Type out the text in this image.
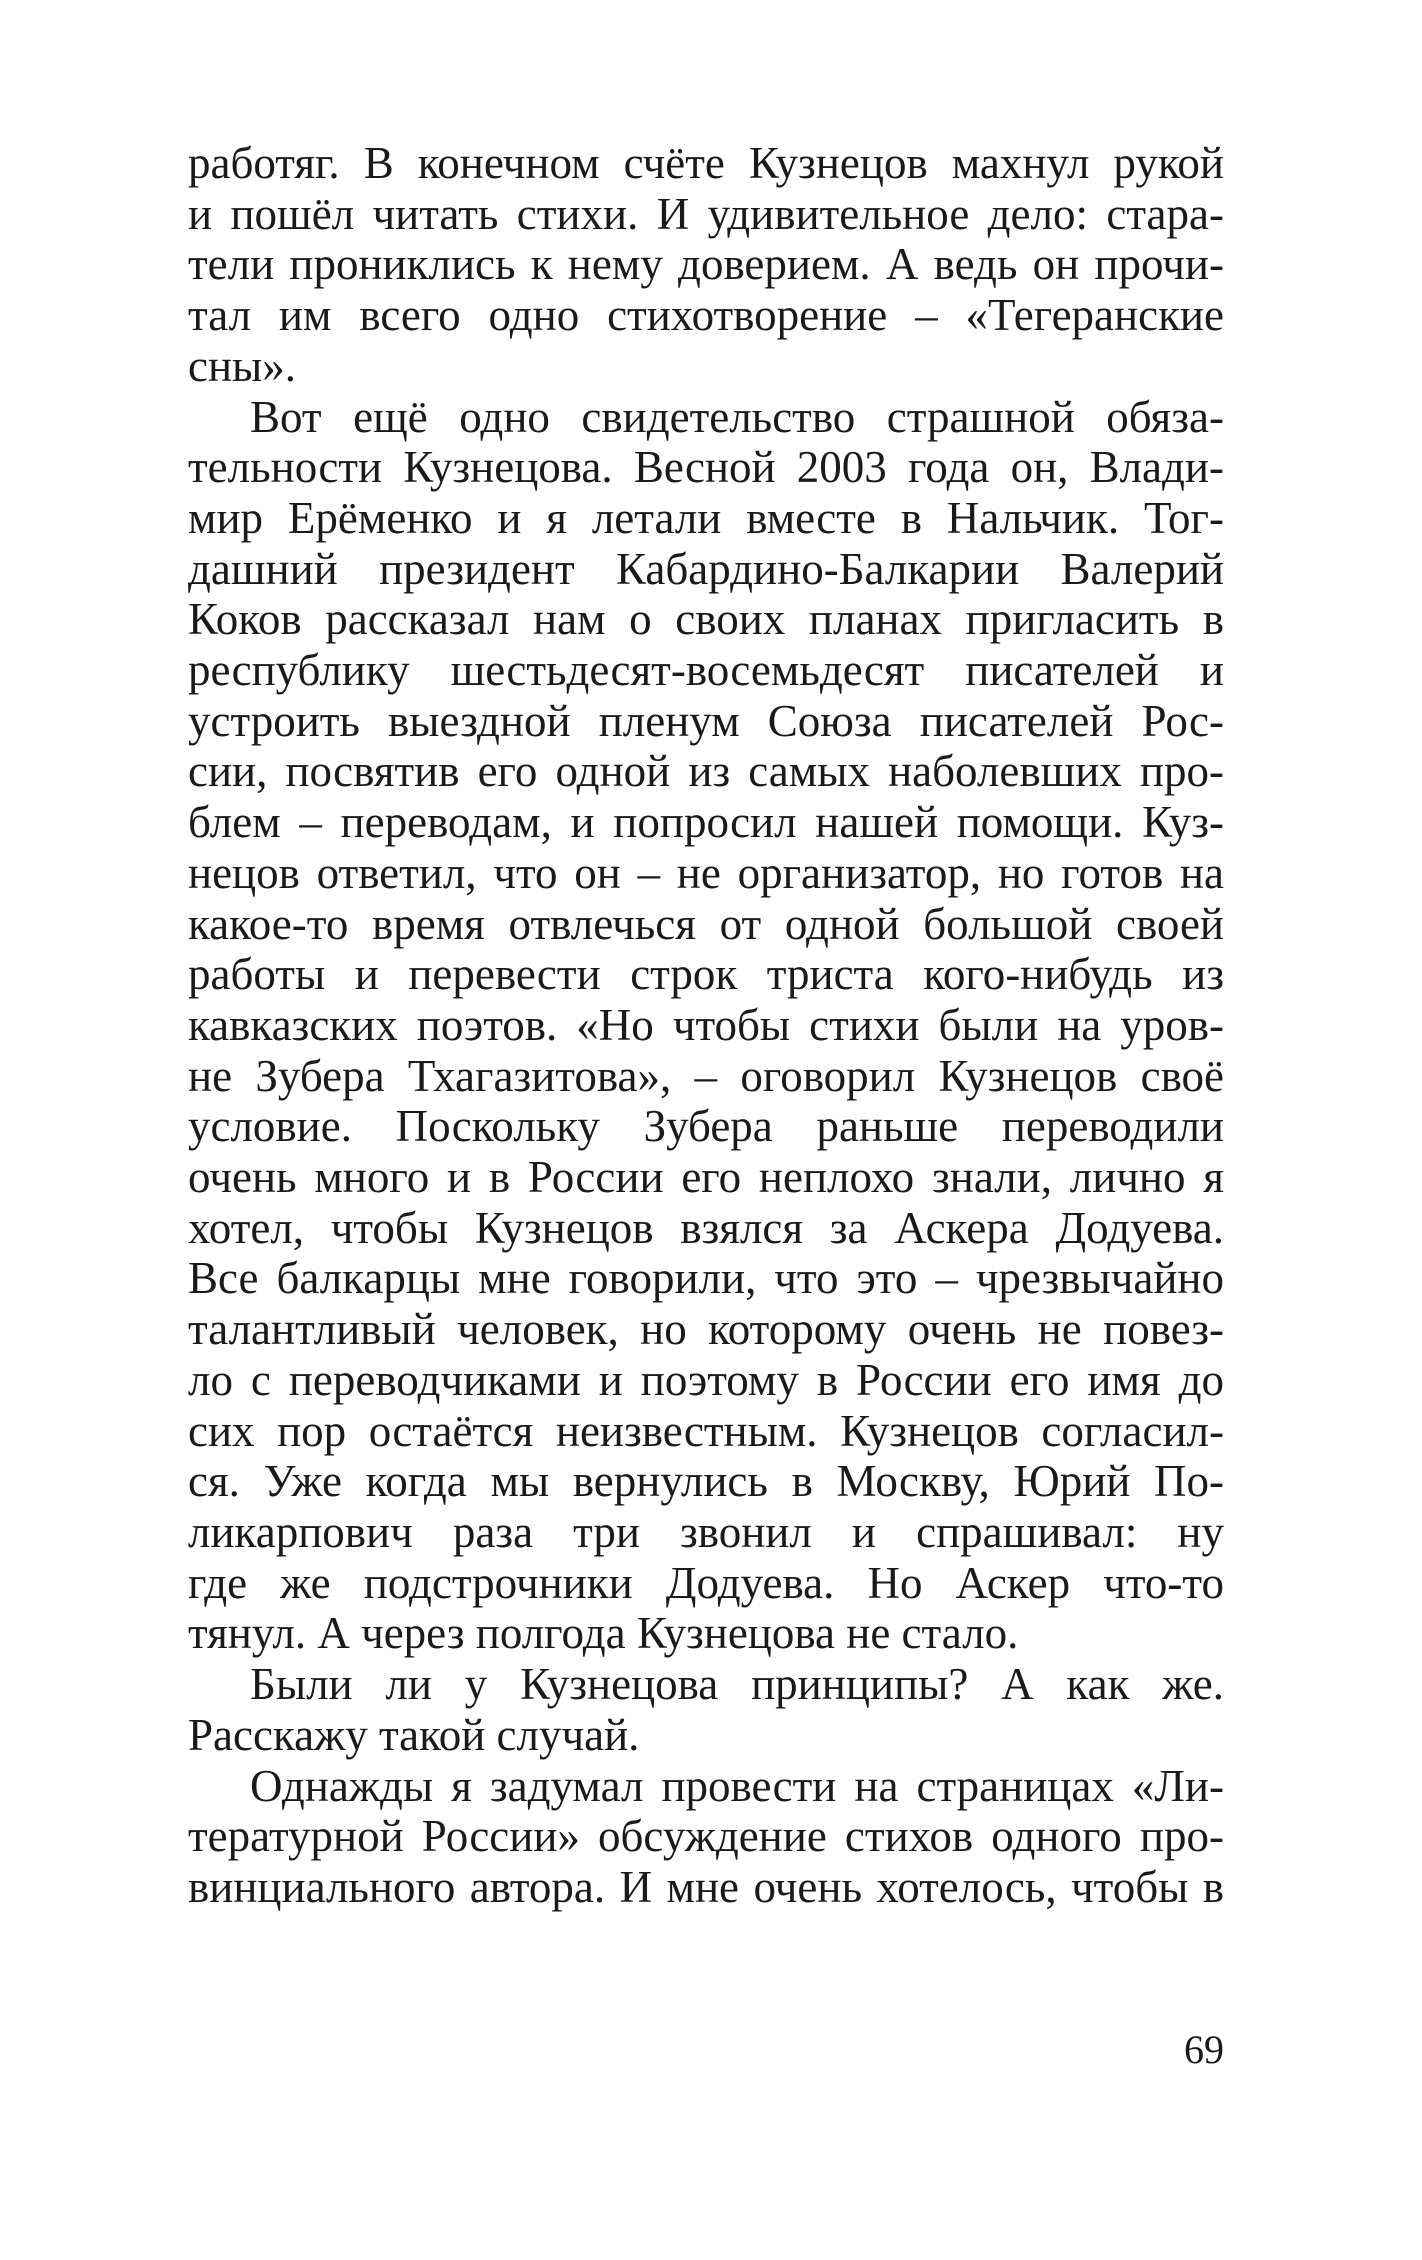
работяг. В конечном счёте Кузнецов махнул рукой
и пошёл читать стихи. И удивительное дело: стара-
тели прониклись к нему доверием. А ведь он прочи-
тал им всего одно стихотворение – «Тегеранские
сны».
Вот ещё одно свидетельство страшной обяза-
тельности Кузнецова. Весной 2003 года он, Влади-
мир Ерёменко и я летали вместе в Нальчик. Тог-
дашний президент Кабардино-Балкарии Валерий
Коков рассказал нам о своих планах пригласить в
республику шестьдесят-восемьдесят писателей и
устроить выездной пленум Союза писателей Рос-
сии, посвятив его одной из самых наболевших про-
блем – переводам, и попросил нашей помощи. Куз-
нецов ответил, что он – не организатор, но готов на
какое-то время отвлечься от одной большой своей
работы и перевести строк триста кого-нибудь из
кавказских поэтов. «Но чтобы стихи были на уров-
не Зубера Тхагазитова», – оговорил Кузнецов своё
условие. Поскольку Зубера раньше переводили
очень много и в России его неплохо знали, лично я
хотел, чтобы Кузнецов взялся за Аскера Додуева.
Все балкарцы мне говорили, что это – чрезвычайно
талантливый человек, но которому очень не повез-
ло с переводчиками и поэтому в России его имя до
сих пор остаётся неизвестным. Кузнецов согласил-
ся. Уже когда мы вернулись в Москву, Юрий По-
ликарпович раза три звонил и спрашивал: ну
где же подстрочники Додуева. Но Аскер что-то
тянул. А через полгода Кузнецова не стало.
Были ли у Кузнецова принципы? А как же.
Расскажу такой случай.
Однажды я задумал провести на страницах «Ли-
тературной России» обсуждение стихов одного про-
винциального автора. И мне очень хотелось, чтобы в
69
